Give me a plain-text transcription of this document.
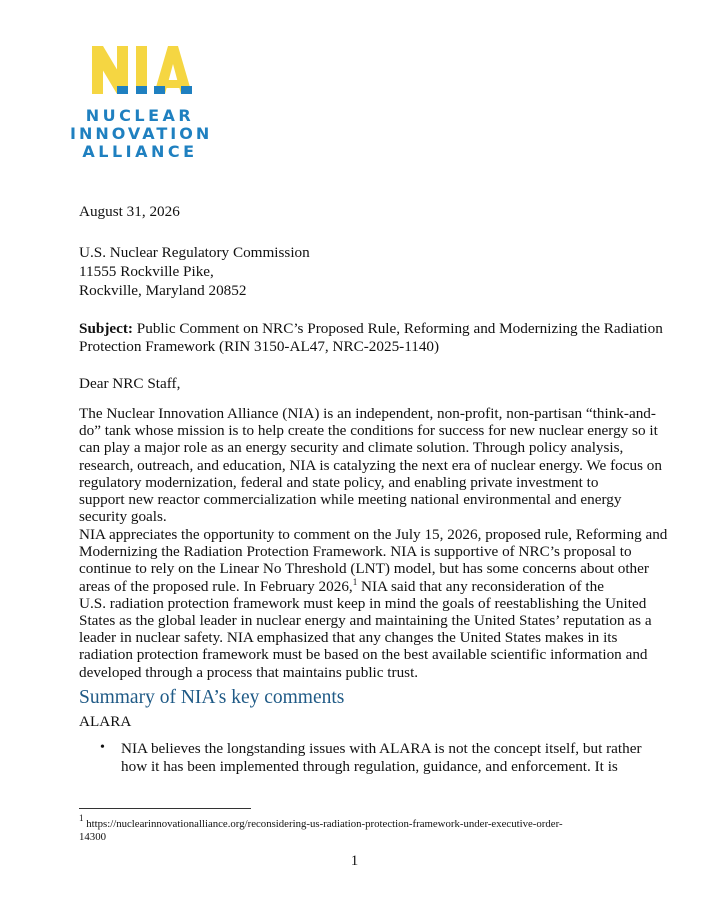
NUCLEAR
INNOVATION
ALLIANCE
August 31, 2026
U.S. Nuclear Regulatory Commission
11555 Rockville Pike,
Rockville, Maryland 20852
Subject: Public Comment on NRC’s Proposed Rule, Reforming and Modernizing the Radiation
Protection Framework (RIN 3150-AL47, NRC-2025-1140)
Dear NRC Staff,
The Nuclear Innovation Alliance (NIA) is an independent, non-profit, non-partisan “think-and-
do” tank whose mission is to help create the conditions for success for new nuclear energy so it
can play a major role as an energy security and climate solution. Through policy analysis,
research, outreach, and education, NIA is catalyzing the next era of nuclear energy. We focus on
regulatory modernization, federal and state policy, and enabling private investment to
support new reactor commercialization while meeting national environmental and energy
security goals.
NIA appreciates the opportunity to comment on the July 15, 2026, proposed rule, Reforming and
Modernizing the Radiation Protection Framework. NIA is supportive of NRC’s proposal to
continue to rely on the Linear No Threshold (LNT) model, but has some concerns about other
areas of the proposed rule. In February 2026,$^1$ NIA said that any reconsideration of the
U.S. radiation protection framework must keep in mind the goals of reestablishing the United
States as the global leader in nuclear energy and maintaining the United States’ reputation as a
leader in nuclear safety. NIA emphasized that any changes the United States makes in its
radiation protection framework must be based on the best available scientific information and
developed through a process that maintains public trust.
Summary of NIA’s key comments
ALARA
• NIA believes the longstanding issues with ALARA is not the concept itself, but rather
how it has been implemented through regulation, guidance, and enforcement. It is
$^1$ https://nuclearinnovationalliance.org/reconsidering-us-radiation-protection-framework-under-executive-order-
14300
1
